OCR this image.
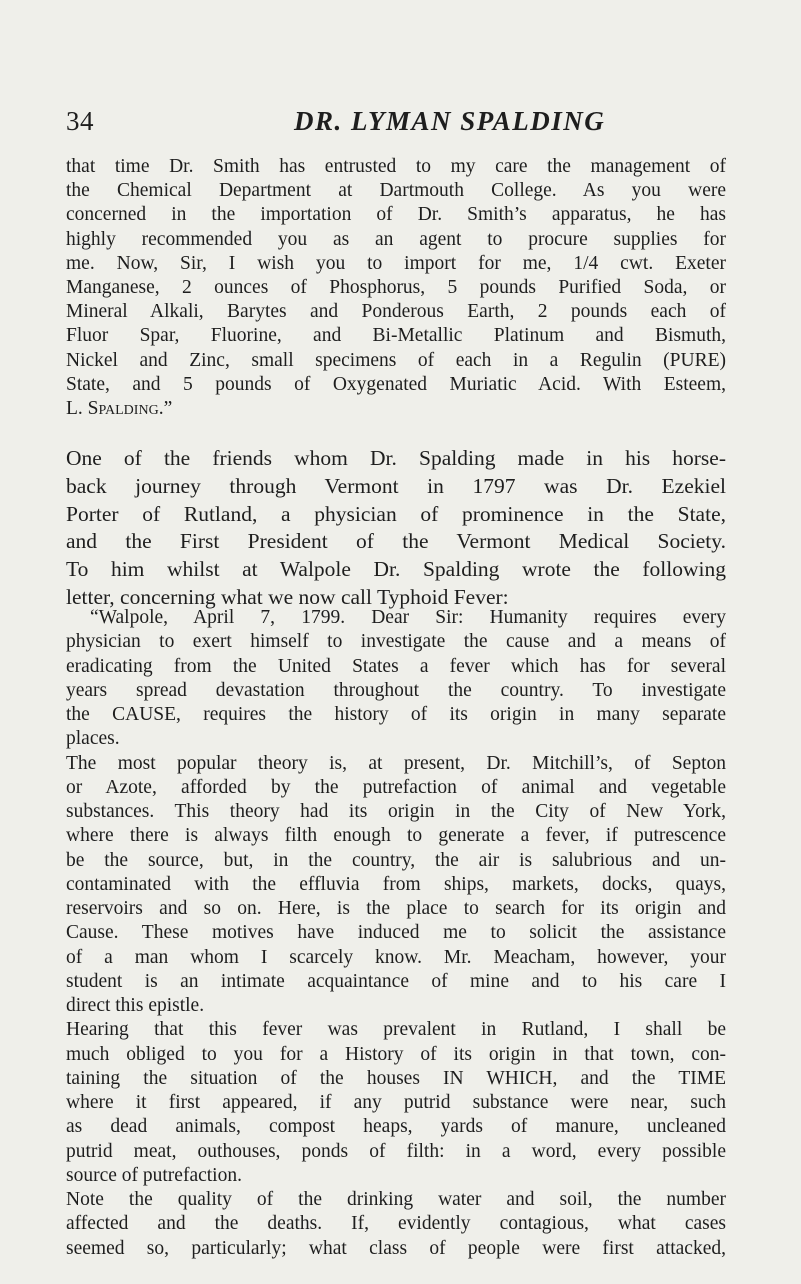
34	DR. LYMAN SPALDING

that time Dr. Smith has entrusted to my care the management of
the Chemical Department at Dartmouth College. As you were
concerned in the importation of Dr. Smith’s apparatus, he has
highly recommended you as an agent to procure supplies for
me. Now, Sir, I wish you to import for me, 1/4 cwt. Exeter
Manganese, 2 ounces of Phosphorus, 5 pounds Purified Soda, or
Mineral Alkali, Barytes and Ponderous Earth, 2 pounds each of
Fluor Spar, Fluorine, and Bi-Metallic Platinum and Bismuth,
Nickel and Zinc, small specimens of each in a Regulin (PURE)
State, and 5 pounds of Oxygenated Muriatic Acid. With Esteem,
L. Spalding.”

One of the friends whom Dr. Spalding made in his horse-
back journey through Vermont in 1797 was Dr. Ezekiel
Porter of Rutland, a physician of prominence in the State,
and the First President of the Vermont Medical Society.
To him whilst at Walpole Dr. Spalding wrote the following
letter, concerning what we now call Typhoid Fever:

“Walpole, April 7, 1799. Dear Sir: Humanity requires every
physician to exert himself to investigate the cause and a means of
eradicating from the United States a fever which has for several
years spread devastation throughout the country. To investigate
the CAUSE, requires the history of its origin in many separate
places.
The most popular theory is, at present, Dr. Mitchill’s, of Septon
or Azote, afforded by the putrefaction of animal and vegetable
substances. This theory had its origin in the City of New York,
where there is always filth enough to generate a fever, if putrescence
be the source, but, in the country, the air is salubrious and un-
contaminated with the effluvia from ships, markets, docks, quays,
reservoirs and so on. Here, is the place to search for its origin and
Cause. These motives have induced me to solicit the assistance
of a man whom I scarcely know. Mr. Meacham, however, your
student is an intimate acquaintance of mine and to his care I
direct this epistle.
Hearing that this fever was prevalent in Rutland, I shall be
much obliged to you for a History of its origin in that town, con-
taining the situation of the houses IN WHICH, and the TIME
where it first appeared, if any putrid substance were near, such
as dead animals, compost heaps, yards of manure, uncleaned
putrid meat, outhouses, ponds of filth: in a word, every possible
source of putrefaction.
Note the quality of the drinking water and soil, the number
affected and the deaths. If, evidently contagious, what cases
seemed so, particularly; what class of people were first attacked,
